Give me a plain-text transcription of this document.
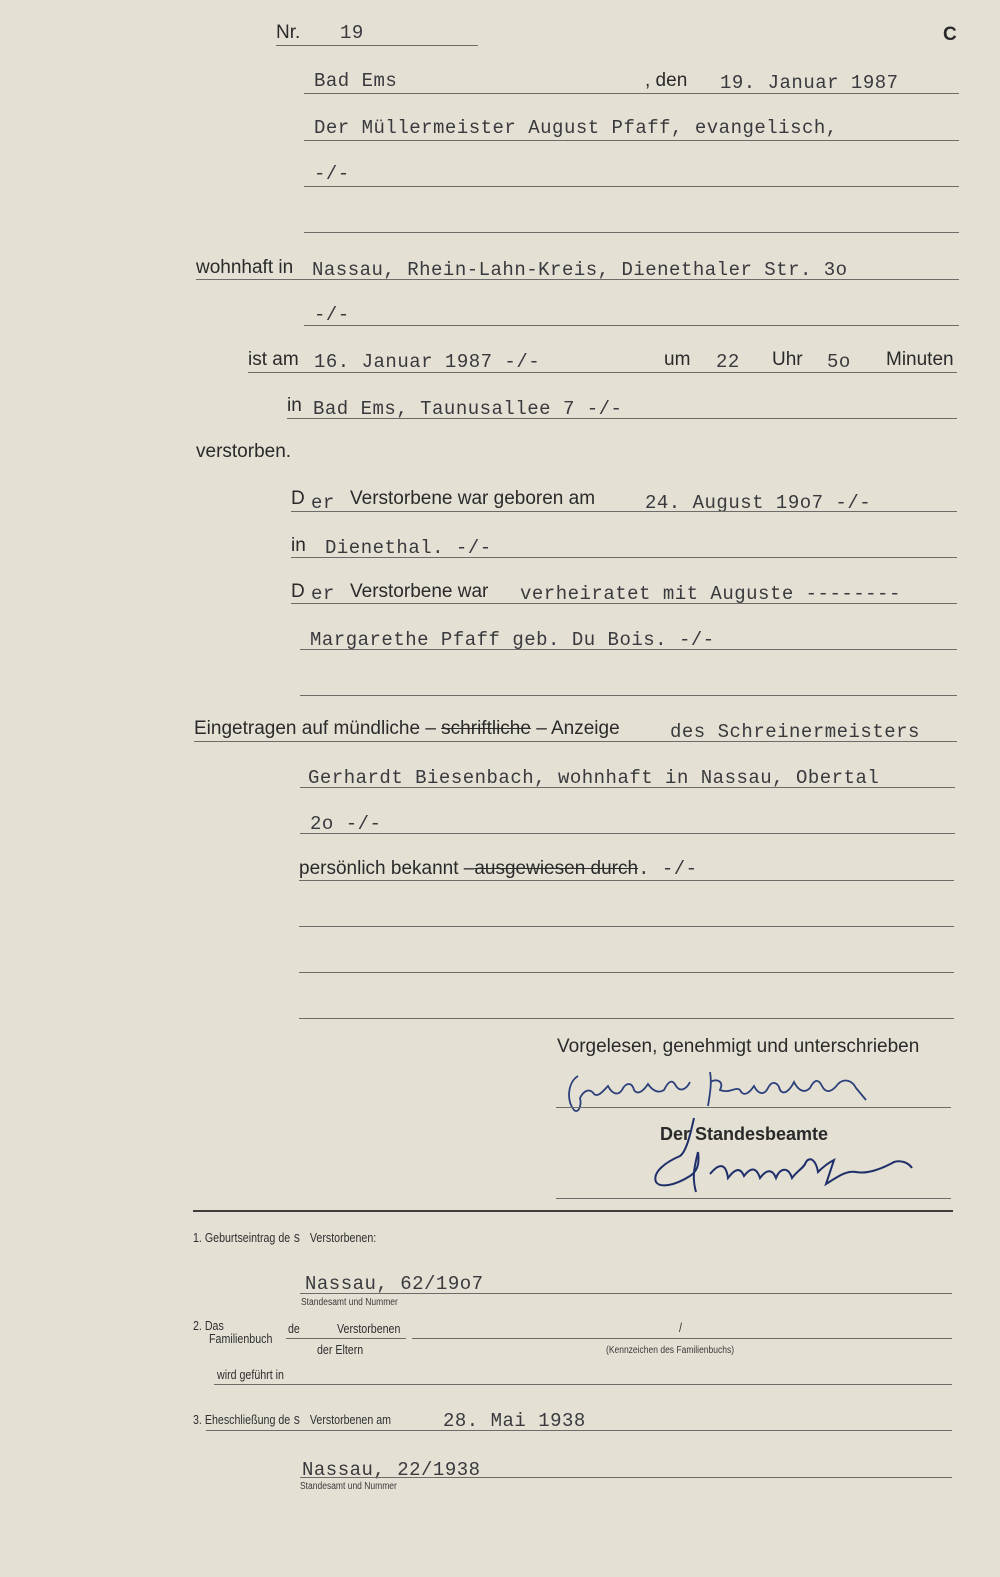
Nr. 19	C
Bad Ems	, den 19. Januar 1987
Der Müllermeister August Pfaff, evangelisch,
-/-
wohnhaft in Nassau, Rhein-Lahn-Kreis, Dienethaler Str. 3o
-/-
ist am 16. Januar 1987 -/-	um 22 Uhr 5o Minuten
in Bad Ems, Taunusallee 7 -/-
verstorben.
D er Verstorbene war geboren am	24. August 19o7 -/-
in Dienethal. -/-
D er Verstorbene war verheiratet mit Auguste --------
Margarethe Pfaff geb. Du Bois. -/-
Eingetragen auf mündliche – schriftliche – Anzeige	des Schreinermeisters
Gerhardt Biesenbach, wohnhaft in Nassau, Obertal
2o -/-
persönlich bekannt –ausgewiesen durch. -/-
Vorgelesen, genehmigt und unterschrieben
Der Standesbeamte
1. Geburtseintrag de s Verstorbenen:
Nassau, 62/19o7
Standesamt und Nummer
2. Das
Familienbuch
de	Verstorbenen	/
der Eltern	(Kennzeichen des Familienbuchs)
wird geführt in
3. Eheschließung de s Verstorbenen am	28. Mai 1938
Nassau, 22/1938
Standesamt und Nummer
